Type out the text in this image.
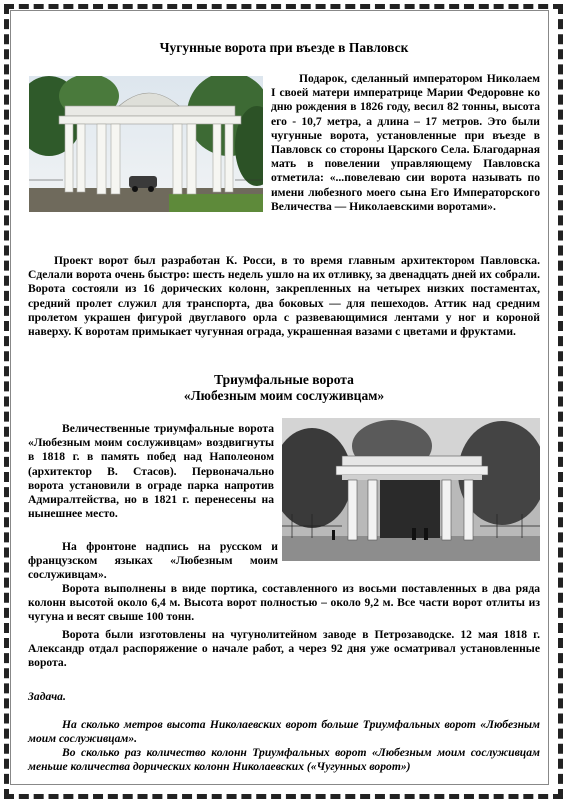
Чугунные ворота при въезде в Павловск

Подарок, сделанный императором Николаем I своей матери императрице Марии Федоровне ко дню рождения в 1826 году, весил 82 тонны, высота его - 10,7 метра, а длина – 17 метров. Это были чугунные ворота, установленные при въезде в Павловск со стороны Царского Села. Благодарная мать в повелении управляющему Павловска отметила: «...повелеваю сии ворота называть по имени любезного моего сына Его Императорского Величества — Николаевскими воротами».

Проект ворот был разработан К. Росси, в то время главным архитектором Павловска. Сделали ворота очень быстро: шесть недель ушло на их отливку, за двенадцать дней их собрали. Ворота состояли из 16 дорических колонн, закрепленных на четырех низких постаментах, средний пролет служил для транспорта, два боковых — для пешеходов. Аттик над средним пролетом украшен фигурой двуглавого орла с развевающимися лентами у ног и короной наверху. К воротам примыкает чугунная ограда, украшенная вазами с цветами и фруктами.

Триумфальные ворота
«Любезным моим сослуживцам»

Величественные триумфальные ворота «Любезным моим сослуживцам» воздвигнуты в 1818 г. в память побед над Наполеоном (архитектор В. Стасов). Первоначально ворота установили в ограде парка напротив Адмиралтейства, но в 1821 г. перенесены на нынешнее место.

На фронтоне надпись на русском и французском языках «Любезным моим сослуживцам».

Ворота выполнены в виде портика, составленного из восьми поставленных в два ряда колонн высотой около 6,4 м. Высота ворот полностью – около 9,2 м. Все части ворот отлиты из чугуна и весят свыше 100 тонн.

Ворота были изготовлены на чугунолитейном заводе в Петрозаводске. 12 мая 1818 г. Александр отдал распоряжение о начале работ, а через 92 дня уже осматривал установленные ворота.

Задача.

На сколько метров высота Николаевских ворот больше Триумфальных ворот «Любезным моим сослуживцам».

Во сколько раз количество колонн Триумфальных ворот «Любезным моим сослуживцам меньше количества дорических колонн Николаевских («Чугунных ворот»)
